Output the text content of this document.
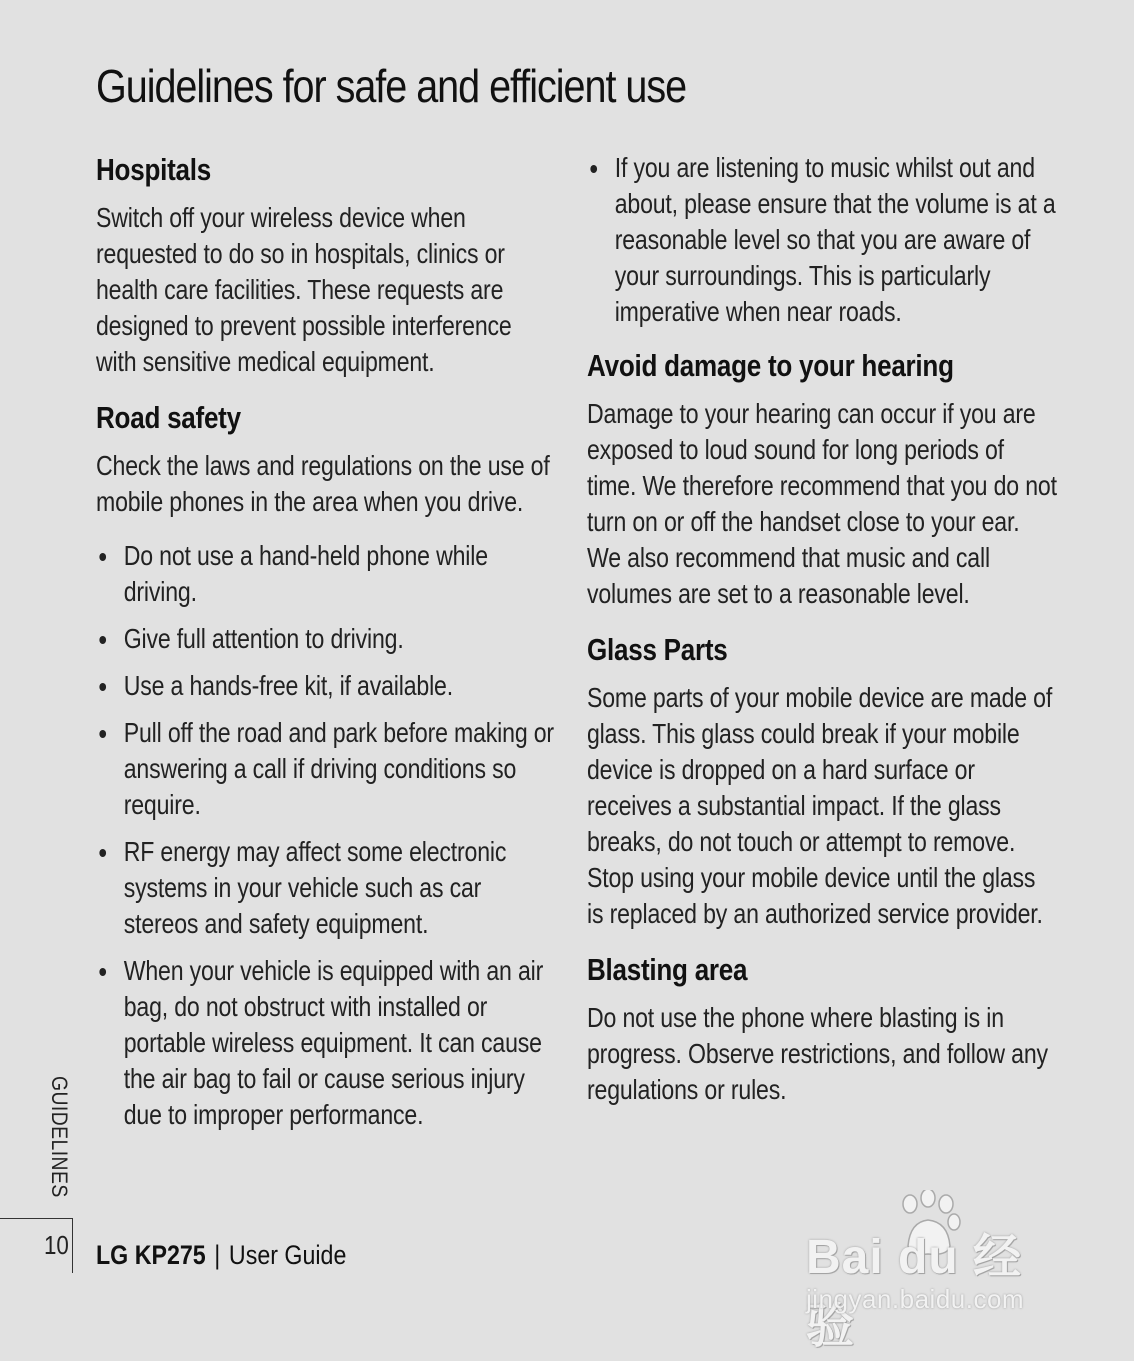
Guidelines for safe and efficient use
Hospitals

Switch off your wireless device when requested to do so in hospitals, clinics or health care facilities. These requests are designed to prevent possible interference with sensitive medical equipment.

Road safety

Check the laws and regulations on the use of mobile phones in the area when you drive.

Do not use a hand-held phone while driving.
Give full attention to driving.
Use a hands-free kit, if available.
Pull off the road and park before making or answering a call if driving conditions so require.
RF energy may affect some electronic systems in your vehicle such as car stereos and safety equipment.
When your vehicle is equipped with an air bag, do not obstruct with installed or portable wireless equipment. It can cause the air bag to fail or cause serious injury due to improper performance.
If you are listening to music whilst out and about, please ensure that the volume is at a reasonable level so that you are aware of your surroundings. This is particularly imperative when near roads.
Avoid damage to your hearing

Damage to your hearing can occur if you are exposed to loud sound for long periods of time. We therefore recommend that you do not turn on or off the handset close to your ear. We also recommend that music and call volumes are set to a reasonable level.

Glass Parts

Some parts of your mobile device are made of glass. This glass could break if your mobile device is dropped on a hard surface or receives a substantial impact. If the glass breaks, do not touch or attempt to remove. Stop using your mobile device until the glass is replaced by an authorized service provider.

Blasting area

Do not use the phone where blasting is in progress. Observe restrictions, and follow any regulations or rules.

GUIDELINES
10 LG KP275 | User Guide	Bai du 经验
jingyan.baidu.com
